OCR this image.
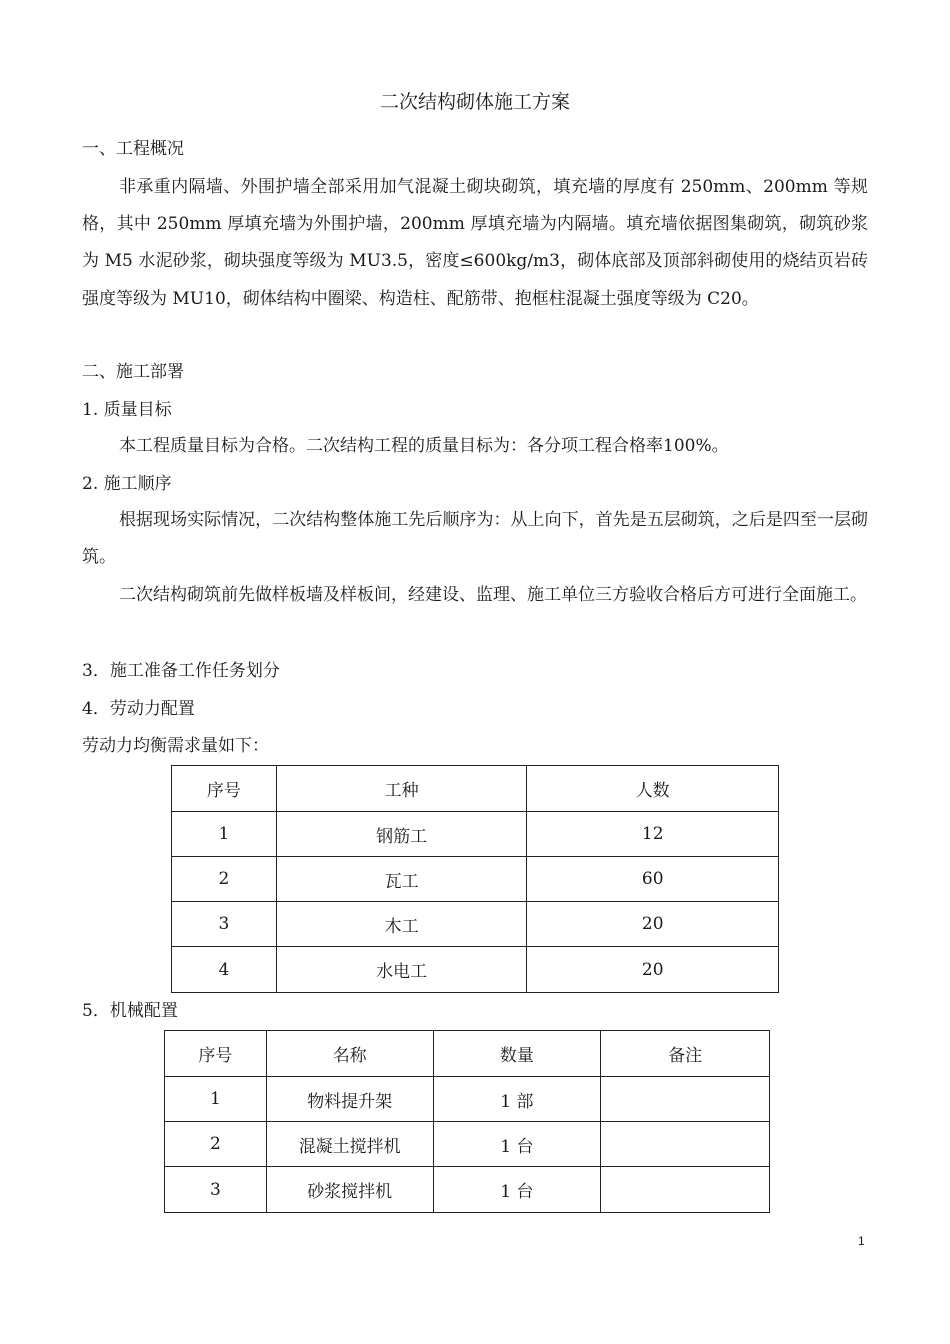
二次结构砌体施工方案
一、工程概况

非承重内隔墙、外围护墙全部采用加气混凝土砌块砌筑，填充墙的厚度有 250mm、200mm 等规格，其中 250mm 厚填充墙为外围护墙，200mm 厚填充墙为内隔墙。填充墙依据图集砌筑，砌筑砂浆为 M5 水泥砂浆，砌块强度等级为 MU3.5，密度≤600kg/m3，砌体底部及顶部斜砌使用的烧结页岩砖强度等级为 MU10，砌体结构中圈梁、构造柱、配筋带、抱框柱混凝土强度等级为 C20。

二、施工部署
1. 质量目标

本工程质量目标为合格。二次结构工程的质量目标为：各分项工程合格率100%。

2. 施工顺序

根据现场实际情况，二次结构整体施工先后顺序为：从上向下，首先是五层砌筑，之后是四至一层砌筑。

二次结构砌筑前先做样板墙及样板间，经建设、监理、施工单位三方验收合格后方可进行全面施工。

3．施工准备工作任务划分
4．劳动力配置
劳动力均衡需求量如下：
序号	工种	人数
1	钢筋工	12
2	瓦工	60
3	木工	20
4	水电工	20
5．机械配置
序号	名称	数量	备注
1	物料提升架	1 部	
2	混凝土搅拌机	1 台	
3	砂浆搅拌机	1 台	
1
